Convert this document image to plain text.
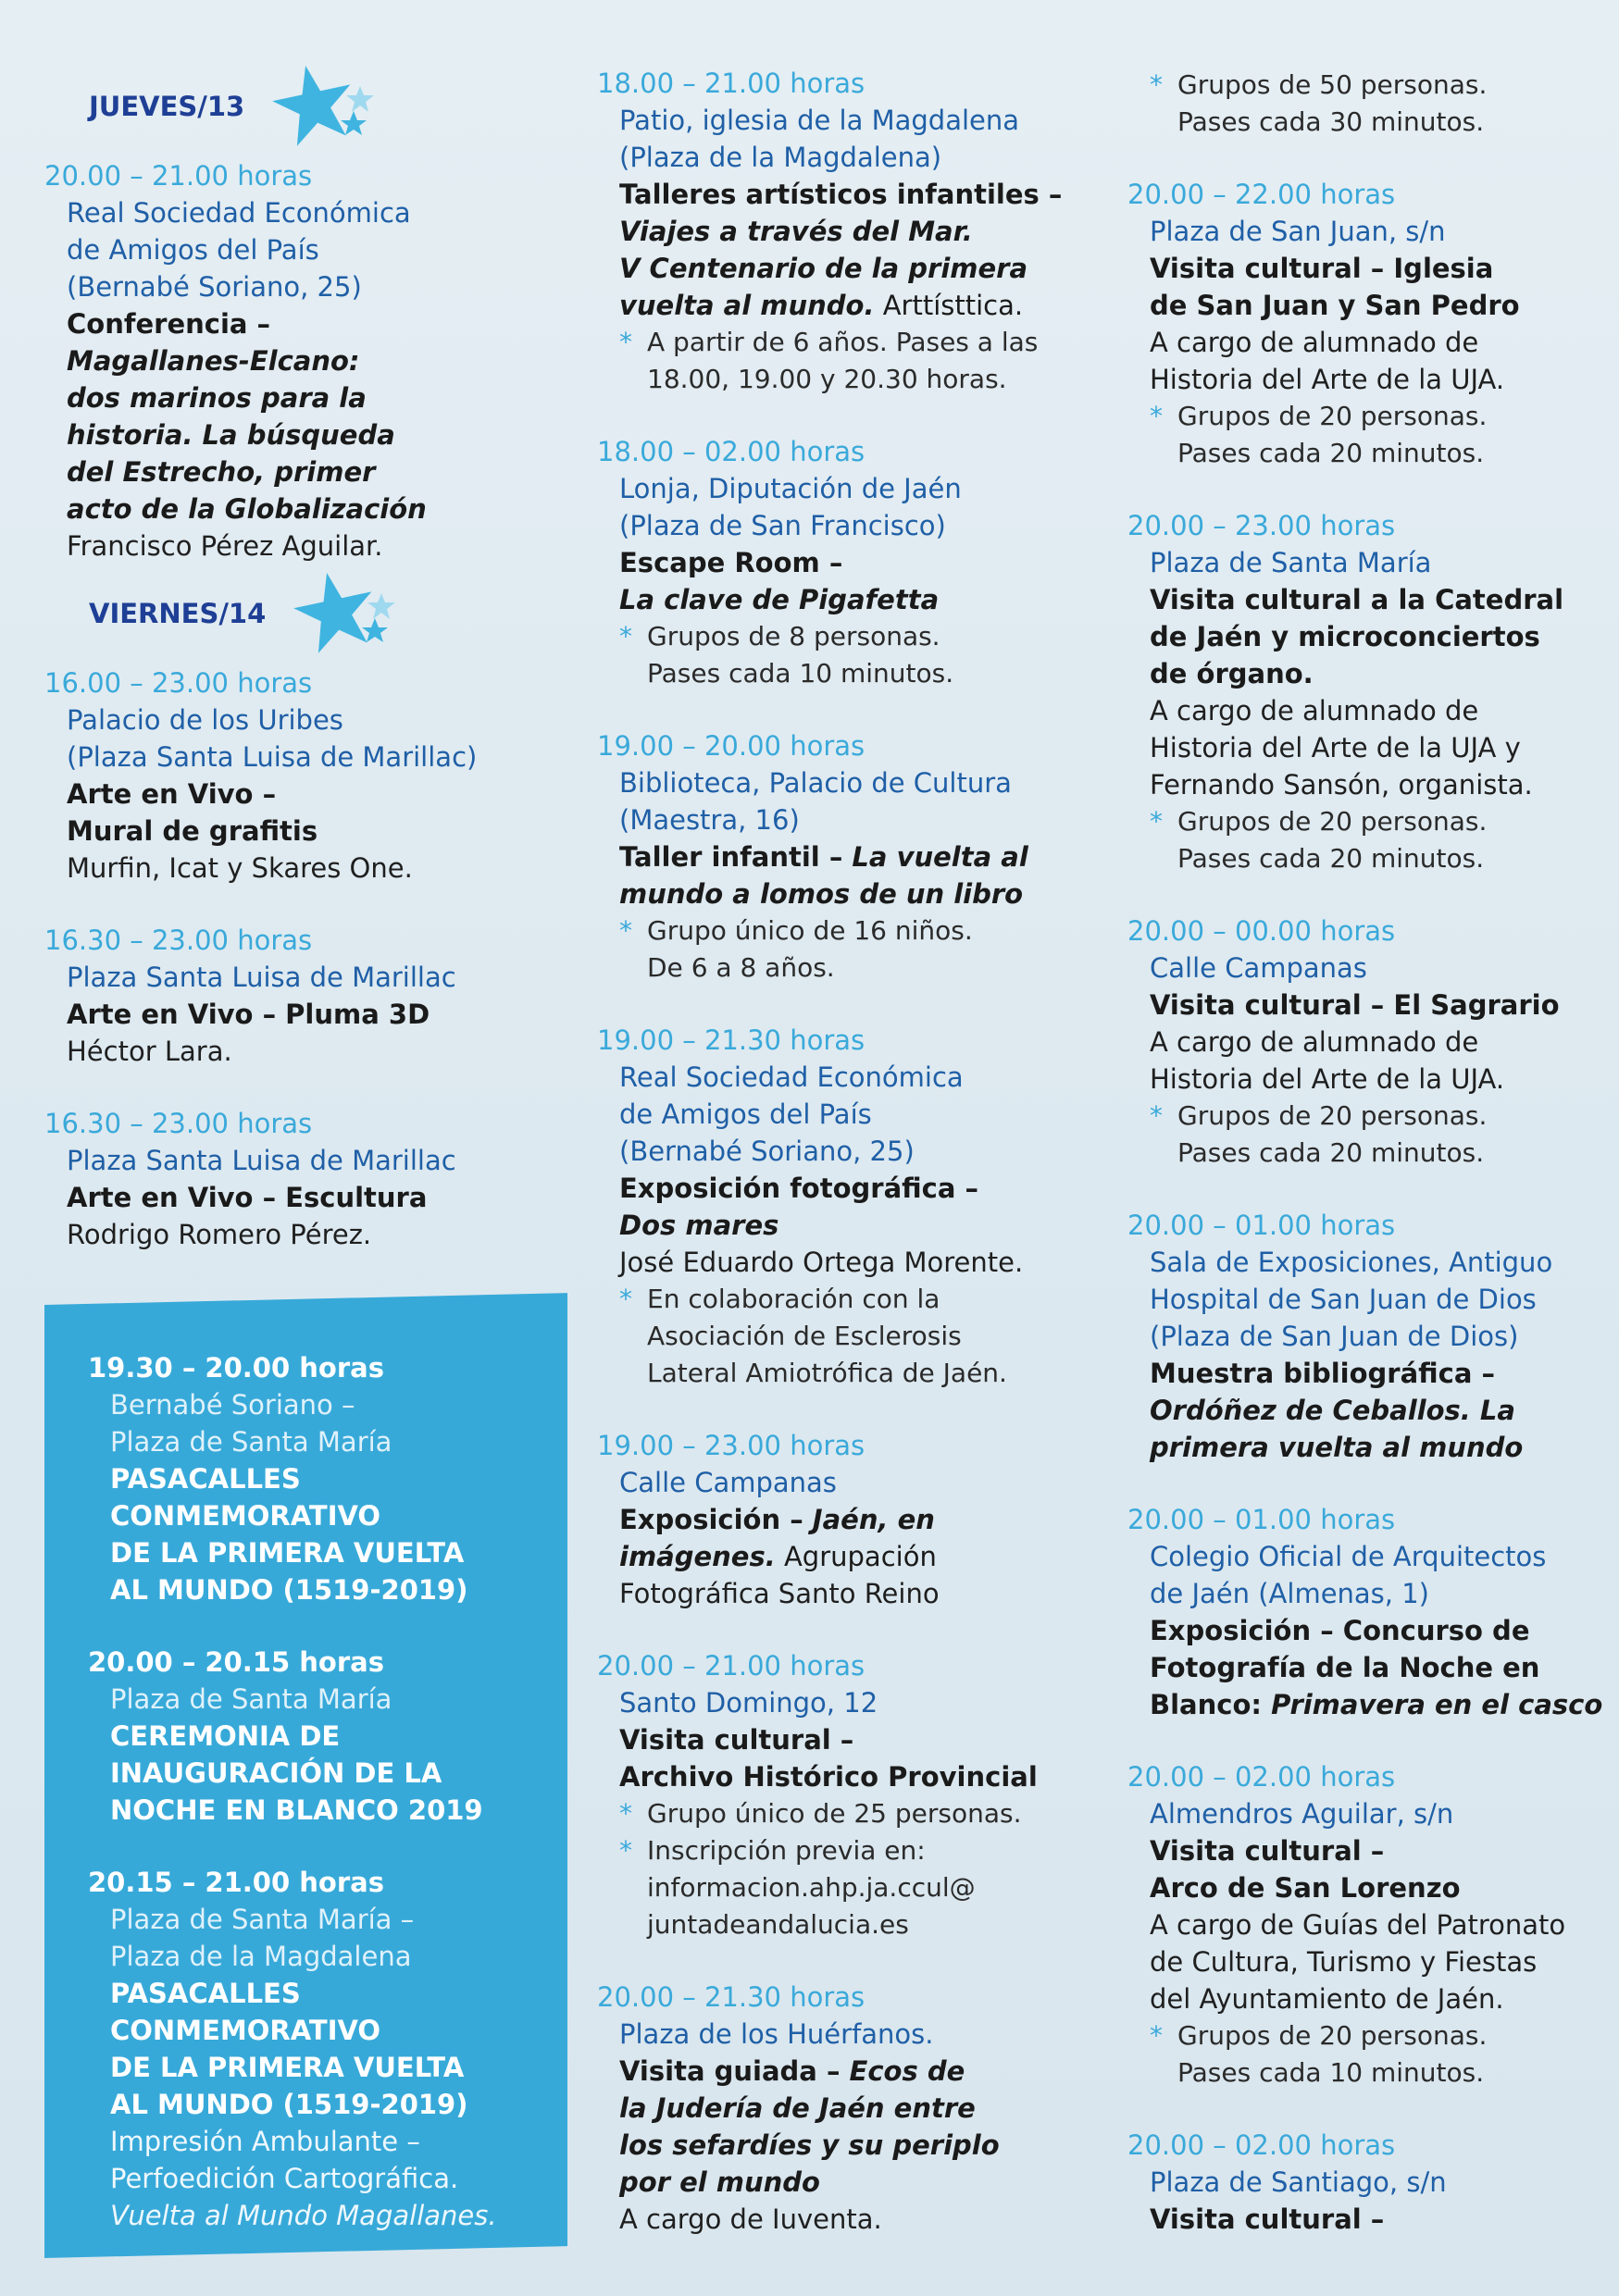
JUEVES/13
20.00 – 21.00 horas
Real Sociedad Económica
de Amigos del País
(Bernabé Soriano, 25)
Conferencia –
Magallanes-Elcano:
dos marinos para la
historia. La búsqueda
del Estrecho, primer
acto de la Globalización
Francisco Pérez Aguilar.
VIERNES/14
16.00 – 23.00 horas
Palacio de los Uribes
(Plaza Santa Luisa de Marillac)
Arte en Vivo –
Mural de grafitis
Murfin, Icat y Skares One.
16.30 – 23.00 horas
Plaza Santa Luisa de Marillac
Arte en Vivo – Pluma 3D
Héctor Lara.
16.30 – 23.00 horas
Plaza Santa Luisa de Marillac
Arte en Vivo – Escultura
Rodrigo Romero Pérez.
19.30 – 20.00 horas
Bernabé Soriano –
Plaza de Santa María
PASACALLES
CONMEMORATIVO
DE LA PRIMERA VUELTA
AL MUNDO (1519-2019)
20.00 – 20.15 horas
Plaza de Santa María
CEREMONIA DE
INAUGURACIÓN DE LA
NOCHE EN BLANCO 2019
20.15 – 21.00 horas
Plaza de Santa María –
Plaza de la Magdalena
PASACALLES
CONMEMORATIVO
DE LA PRIMERA VUELTA
AL MUNDO (1519-2019)
Impresión Ambulante –
Perfoedición Cartográfica.
Vuelta al Mundo Magallanes.
18.00 – 21.00 horas
Patio, iglesia de la Magdalena
(Plaza de la Magdalena)
Talleres artísticos infantiles –
Viajes a través del Mar.
V Centenario de la primera
vuelta al mundo. Arttísttica.
* A partir de 6 años. Pases a las
18.00, 19.00 y 20.30 horas.
18.00 – 02.00 horas
Lonja, Diputación de Jaén
(Plaza de San Francisco)
Escape Room –
La clave de Pigafetta
* Grupos de 8 personas.
Pases cada 10 minutos.
19.00 – 20.00 horas
Biblioteca, Palacio de Cultura
(Maestra, 16)
Taller infantil – La vuelta al
mundo a lomos de un libro
* Grupo único de 16 niños.
De 6 a 8 años.
19.00 – 21.30 horas
Real Sociedad Económica
de Amigos del País
(Bernabé Soriano, 25)
Exposición fotográfica –
Dos mares
José Eduardo Ortega Morente.
* En colaboración con la
Asociación de Esclerosis
Lateral Amiotrófica de Jaén.
19.00 – 23.00 horas
Calle Campanas
Exposición – Jaén, en
imágenes. Agrupación
Fotográfica Santo Reino
20.00 – 21.00 horas
Santo Domingo, 12
Visita cultural –
Archivo Histórico Provincial
* Grupo único de 25 personas.
* Inscripción previa en:
informacion.ahp.ja.ccul@
juntadeandalucia.es
20.00 – 21.30 horas
Plaza de los Huérfanos.
Visita guiada – Ecos de
la Judería de Jaén entre
los sefardíes y su periplo
por el mundo
A cargo de Iuventa.
* Grupos de 50 personas.
Pases cada 30 minutos.
20.00 – 22.00 horas
Plaza de San Juan, s/n
Visita cultural – Iglesia
de San Juan y San Pedro
A cargo de alumnado de
Historia del Arte de la UJA.
* Grupos de 20 personas.
Pases cada 20 minutos.
20.00 – 23.00 horas
Plaza de Santa María
Visita cultural a la Catedral
de Jaén y microconciertos
de órgano.
A cargo de alumnado de
Historia del Arte de la UJA y
Fernando Sansón, organista.
* Grupos de 20 personas.
Pases cada 20 minutos.
20.00 – 00.00 horas
Calle Campanas
Visita cultural – El Sagrario
A cargo de alumnado de
Historia del Arte de la UJA.
* Grupos de 20 personas.
Pases cada 20 minutos.
20.00 – 01.00 horas
Sala de Exposiciones, Antiguo
Hospital de San Juan de Dios
(Plaza de San Juan de Dios)
Muestra bibliográfica –
Ordóñez de Ceballos. La
primera vuelta al mundo
20.00 – 01.00 horas
Colegio Oficial de Arquitectos
de Jaén (Almenas, 1)
Exposición – Concurso de
Fotografía de la Noche en
Blanco: Primavera en el casco
20.00 – 02.00 horas
Almendros Aguilar, s/n
Visita cultural –
Arco de San Lorenzo
A cargo de Guías del Patronato
de Cultura, Turismo y Fiestas
del Ayuntamiento de Jaén.
* Grupos de 20 personas.
Pases cada 10 minutos.
20.00 – 02.00 horas
Plaza de Santiago, s/n
Visita cultural –
